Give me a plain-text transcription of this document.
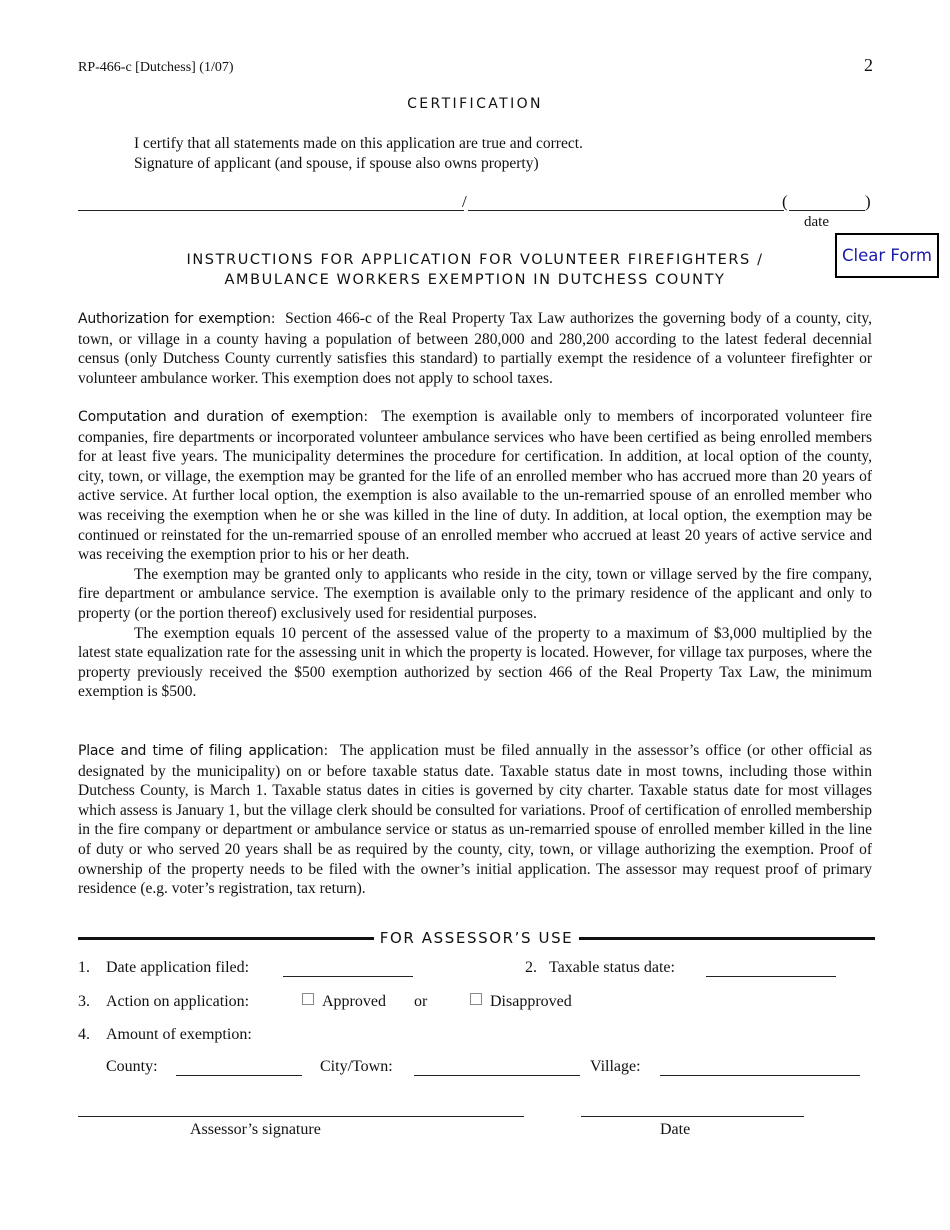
RP-466-c [Dutchess] (1/07)	2
CERTIFICATION
I certify that all statements made on this application are true and correct.
Signature of applicant (and spouse, if spouse also owns property)
/	(	)
date
INSTRUCTIONS FOR APPLICATION FOR VOLUNTEER FIREFIGHTERS /
AMBULANCE WORKERS EXEMPTION IN DUTCHESS COUNTY
Clear Form

Authorization for exemption: Section 466-c of the Real Property Tax Law authorizes the governing body of a county, city, town, or village in a county having a population of between 280,000 and 280,200 according to the latest federal decennial census (only Dutchess County currently satisfies this standard) to partially exempt the residence of a volunteer firefighter or volunteer ambulance worker. This exemption does not apply to school taxes.

Computation and duration of exemption: The exemption is available only to members of incorporated volunteer fire companies, fire departments or incorporated volunteer ambulance services who have been certified as being enrolled members for at least five years. The municipality determines the procedure for certification. In addition, at local option of the county, city, town, or village, the exemption may be granted for the life of an enrolled member who has accrued more than 20 years of active service. At further local option, the exemption is also available to the un-remarried spouse of an enrolled member who was receiving the exemption when he or she was killed in the line of duty. In addition, at local option, the exemption may be continued or reinstated for the un-remarried spouse of an enrolled member who accrued at least 20 years of active service and was receiving the exemption prior to his or her death.

The exemption may be granted only to applicants who reside in the city, town or village served by the fire company, fire department or ambulance service. The exemption is available only to the primary residence of the applicant and only to property (or the portion thereof) exclusively used for residential purposes.

The exemption equals 10 percent of the assessed value of the property to a maximum of $3,000 multiplied by the latest state equalization rate for the assessing unit in which the property is located. However, for village tax purposes, where the property previously received the $500 exemption authorized by section 466 of the Real Property Tax Law, the minimum exemption is $500.

Place and time of filing application: The application must be filed annually in the assessor’s office (or other official as designated by the municipality) on or before taxable status date. Taxable status date in most towns, including those within Dutchess County, is March 1. Taxable status dates in cities is governed by city charter. Taxable status date for most villages which assess is January 1, but the village clerk should be consulted for variations. Proof of certification of enrolled membership in the fire company or department or ambulance service or status as un-remarried spouse of enrolled member killed in the line of duty or who served 20 years shall be as required by the county, city, town, or village authorizing the exemption. Proof of ownership of the property needs to be filed with the owner’s initial application. The assessor may request proof of primary residence (e.g. voter’s registration, tax return).

FOR ASSESSOR’S USE
1. Date application filed:	2. Taxable status date:
3. Action on application:	Approved or	Disapproved
4. Amount of exemption:
County:	City/Town:	Village:
Assessor’s signature	Date
